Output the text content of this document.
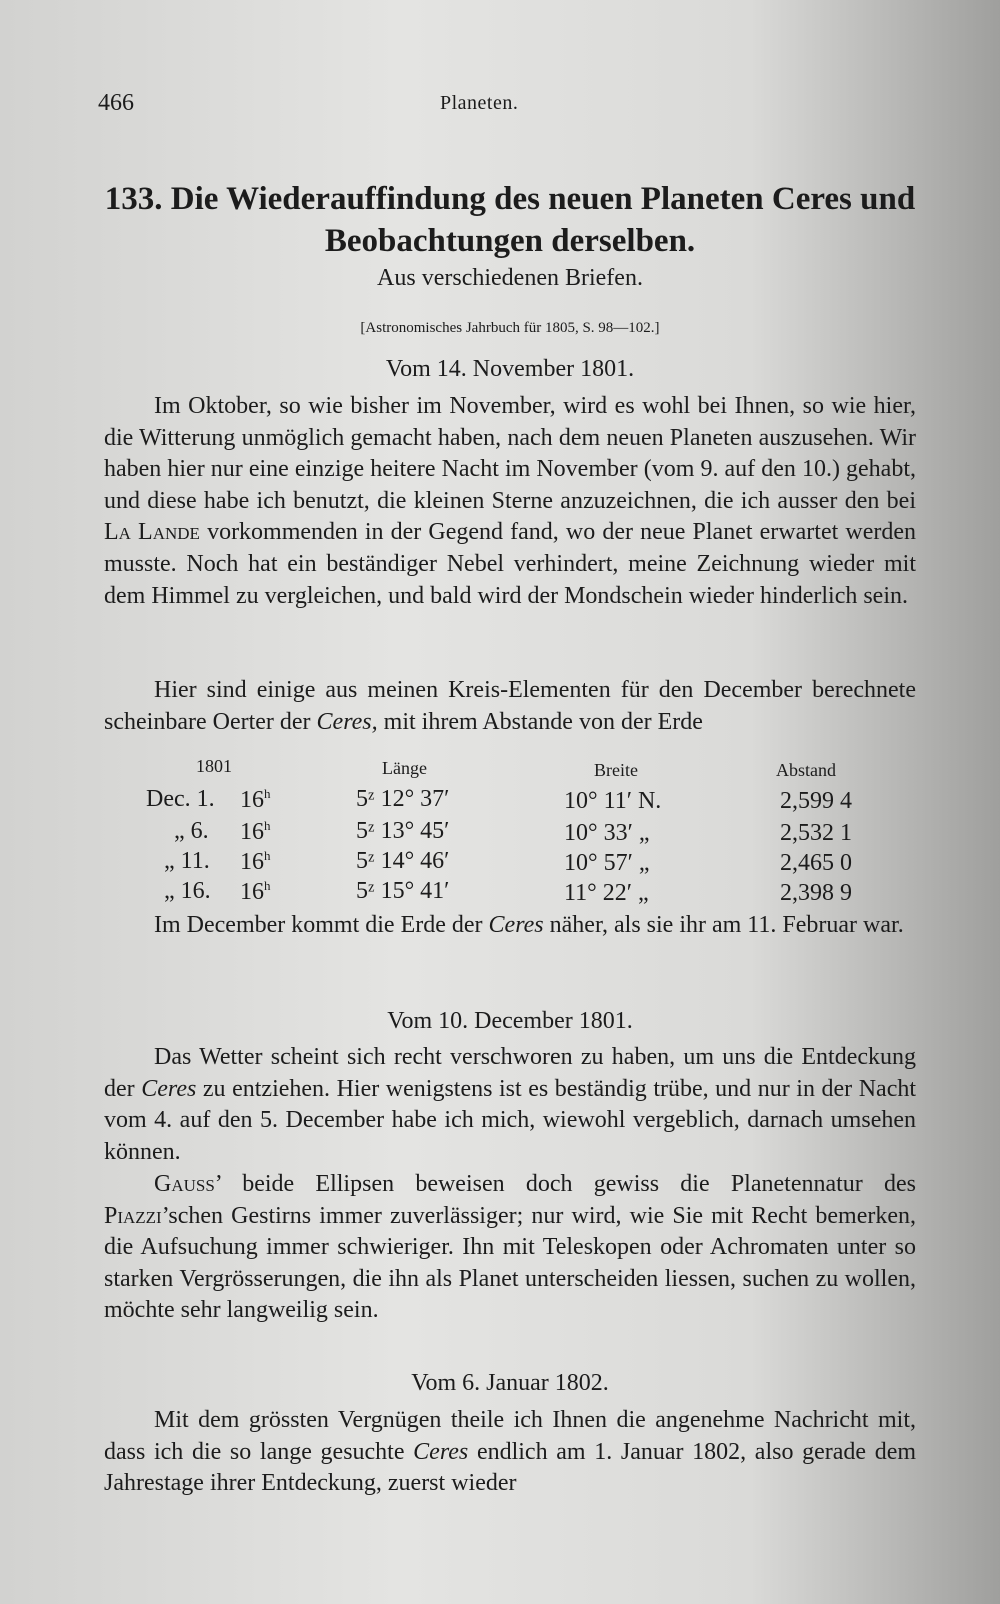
466	Planeten.
133. Die Wiederauffindung des neuen Planeten Ceres und
Beobachtungen derselben.
Aus verschiedenen Briefen.
[Astronomisches Jahrbuch für 1805, S. 98—102.]
Vom 14. November 1801.

Im Oktober, so wie bisher im November, wird es wohl bei Ihnen, so wie hier, die Witterung unmöglich gemacht haben, nach dem neuen Planeten auszusehen. Wir haben hier nur eine einzige heitere Nacht im November (vom 9. auf den 10.) gehabt, und diese habe ich benutzt, die kleinen Sterne anzuzeichnen, die ich ausser den bei La Lande vorkommenden in der Gegend fand, wo der neue Planet erwartet werden musste. Noch hat ein beständiger Nebel verhindert, meine Zeichnung wieder mit dem Himmel zu vergleichen, und bald wird der Mondschein wieder hinderlich sein.

Hier sind einige aus meinen Kreis-Elementen für den December berechnete scheinbare Oerter der Ceres, mit ihrem Abstande von der Erde

1801	Länge	Breite	Abstand
Dec. 1. 16$^h$	5ᶻ 12° 37′	10° 11′ N.	2,599 4
„ 6. 16$^h$	5ᶻ 13° 45′	10° 33′ „	2,532 1
„ 11. 16$^h$	5ᶻ 14° 46′	10° 57′ „	2,465 0
„ 16. 16$^h$	5ᶻ 15° 41′	11° 22′ „	2,398 9

Im December kommt die Erde der Ceres näher, als sie ihr am 11. Februar war.

Vom 10. December 1801.

Das Wetter scheint sich recht verschworen zu haben, um uns die Entdeckung der Ceres zu entziehen. Hier wenigstens ist es beständig trübe, und nur in der Nacht vom 4. auf den 5. December habe ich mich, wiewohl vergeblich, darnach umsehen können.

Gauss’ beide Ellipsen beweisen doch gewiss die Planetennatur des Piazzi’schen Gestirns immer zuverlässiger; nur wird, wie Sie mit Recht bemerken, die Aufsuchung immer schwieriger. Ihn mit Teleskopen oder Achromaten unter so starken Vergrösserungen, die ihn als Planet unterscheiden liessen, suchen zu wollen, möchte sehr langweilig sein.

Vom 6. Januar 1802.

Mit dem grössten Vergnügen theile ich Ihnen die angenehme Nachricht mit, dass ich die so lange gesuchte Ceres endlich am 1. Januar 1802, also gerade dem Jahrestage ihrer Entdeckung, zuerst wieder
